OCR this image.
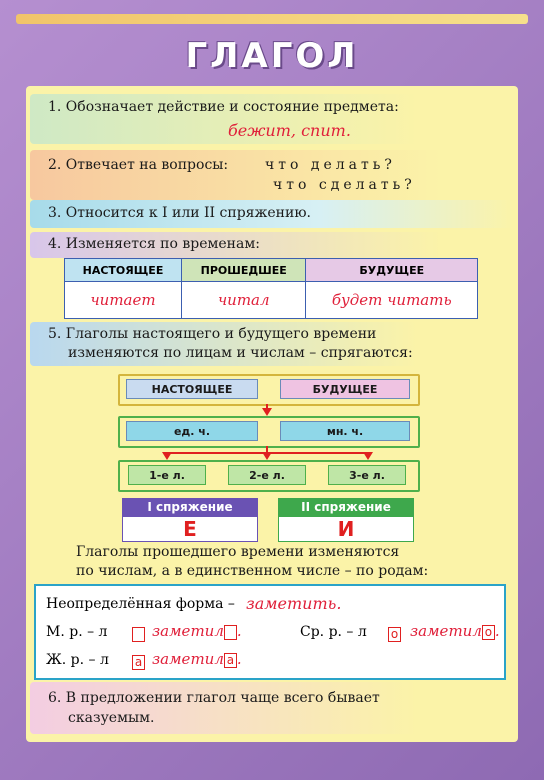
ГЛАГОЛ
1. Обозначает действие и состояние предмета:
бежит, спит.
2. Отвечает на вопросы:	что делать?
что сделать?
3. Относится к I или II спряжению.
4. Изменяется по временам:
НАСТОЯЩЕЕ	ПРОШЕДШЕЕ	БУДУЩЕЕ
читает	читал	будет читать
5. Глаголы настоящего и будущего времени
изменяются по лицам и числам – спрягаются:
НАСТОЯЩЕЕ	БУДУЩЕЕ
ед. ч.	мн. ч.
1-е л.	2-е л.	3-е л.
I спряжение
Е
II спряжение
И
Глаголы прошедшего времени изменяются
по числам, а в единственном числе – по родам:
Неопределённая форма – заметить.
М. р. – л	заметил .	Ср. р. – л о заметил о .
Ж. р. – л а заметил а .
6. В предложении глагол чаще всего бывает
сказуемым.
